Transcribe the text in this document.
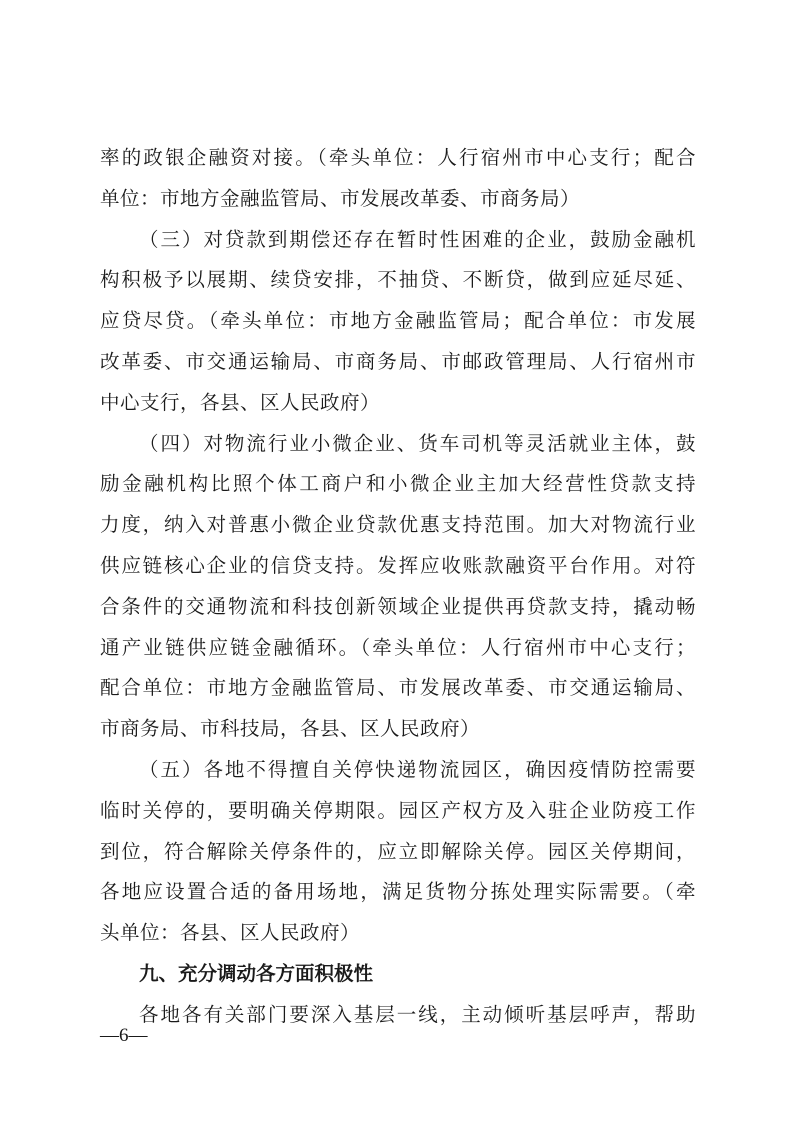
率的政银企融资对接。（牵头单位：人行宿州市中心支行；配合
单位：市地方金融监管局、市发展改革委、市商务局）
（三）对贷款到期偿还存在暂时性困难的企业，鼓励金融机
构积极予以展期、续贷安排，不抽贷、不断贷，做到应延尽延、
应贷尽贷。（牵头单位：市地方金融监管局；配合单位：市发展
改革委、市交通运输局、市商务局、市邮政管理局、人行宿州市
中心支行，各县、区人民政府）
（四）对物流行业小微企业、货车司机等灵活就业主体，鼓
励金融机构比照个体工商户和小微企业主加大经营性贷款支持
力度，纳入对普惠小微企业贷款优惠支持范围。加大对物流行业
供应链核心企业的信贷支持。发挥应收账款融资平台作用。对符
合条件的交通物流和科技创新领域企业提供再贷款支持，撬动畅
通产业链供应链金融循环。（牵头单位：人行宿州市中心支行；
配合单位：市地方金融监管局、市发展改革委、市交通运输局、
市商务局、市科技局，各县、区人民政府）
（五）各地不得擅自关停快递物流园区，确因疫情防控需要
临时关停的，要明确关停期限。园区产权方及入驻企业防疫工作
到位，符合解除关停条件的，应立即解除关停。园区关停期间，
各地应设置合适的备用场地，满足货物分拣处理实际需要。（牵
头单位：各县、区人民政府）
九、充分调动各方面积极性
各地各有关部门要深入基层一线，主动倾听基层呼声，帮助
—6—
